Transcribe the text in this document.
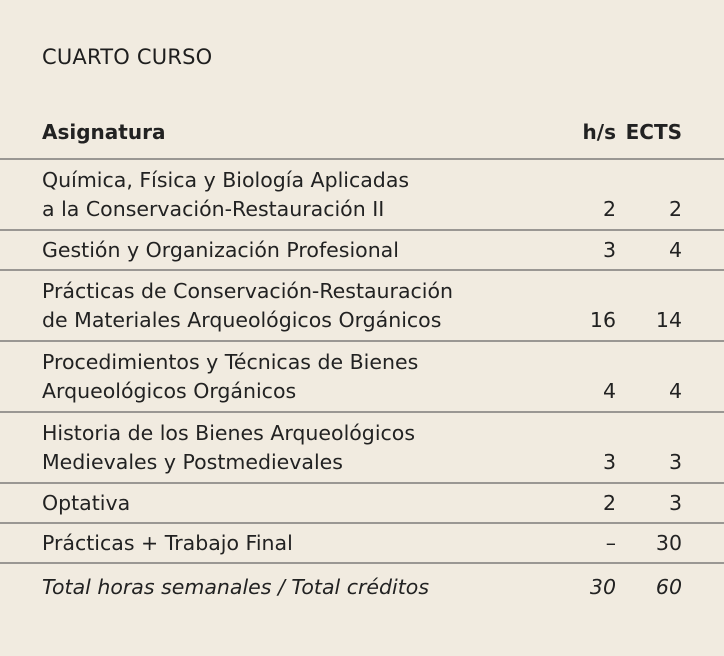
CUARTO CURSO
Asignatura	h/s ECTS
Química, Física y Biología Aplicadas
a la Conservación-Restauración II	2	2
Gestión y Organización Profesional	3	4
Prácticas de Conservación-Restauración
de Materiales Arqueológicos Orgánicos	16	14
Procedimientos y Técnicas de Bienes
Arqueológicos Orgánicos	4	4
Historia de los Bienes Arqueológicos
Medievales y Postmedievales	3	3
Optativa	2	3
Prácticas + Trabajo Final	–	30
Total horas semanales / Total créditos	30	60
